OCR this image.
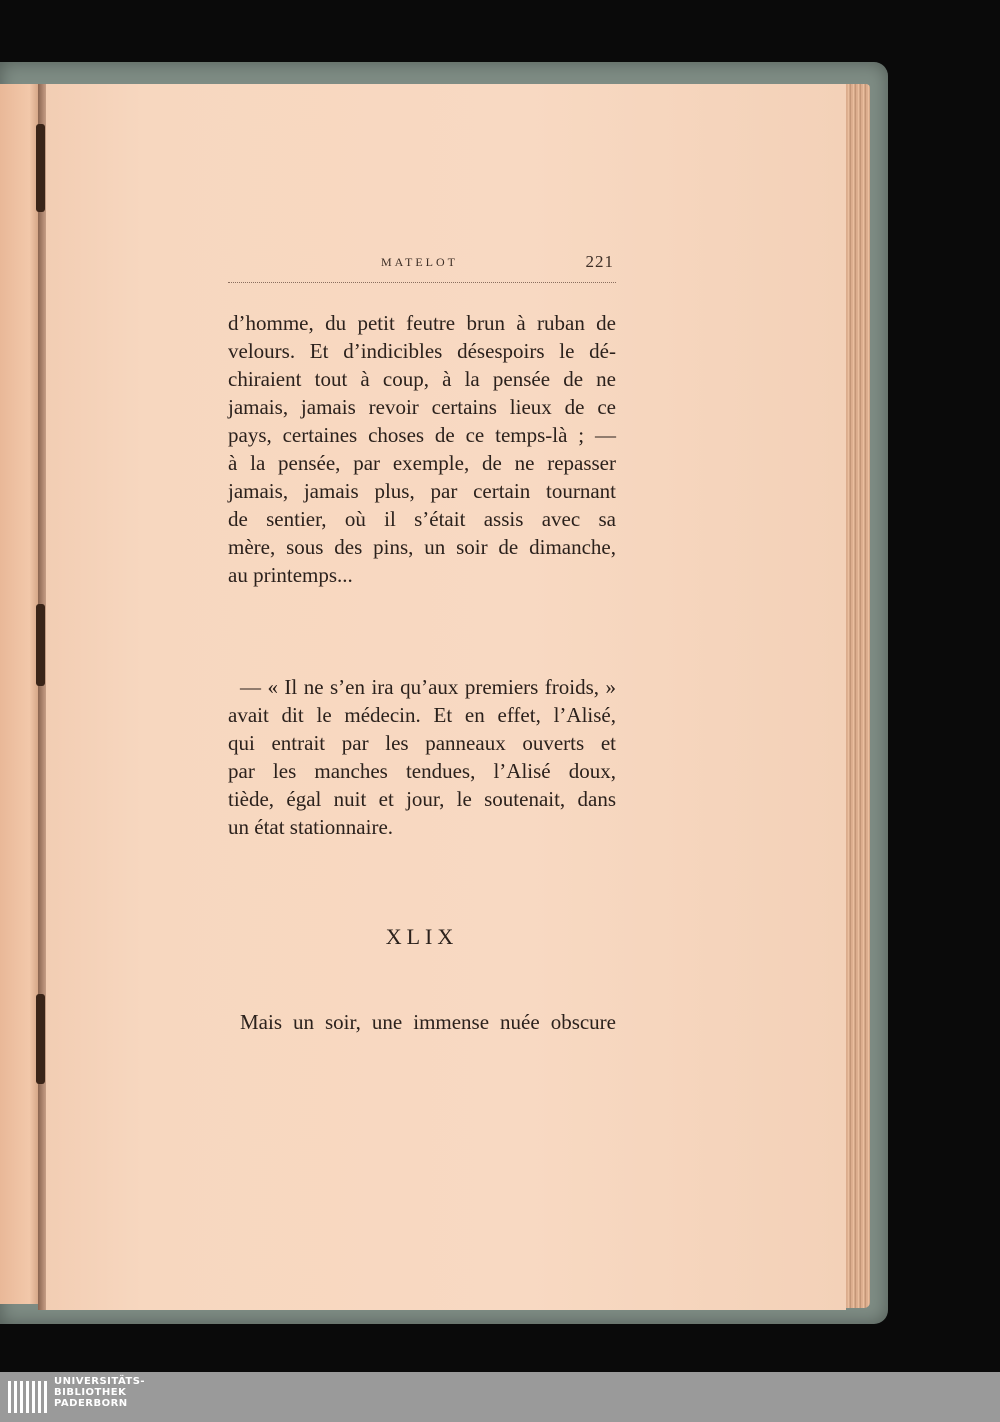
MATELOT	221
d’homme, du petit feutre brun à ruban de
velours. Et d’indicibles désespoirs le dé-
chiraient tout à coup, à la pensée de ne
jamais, jamais revoir certains lieux de ce
pays, certaines choses de ce temps-là ; —
à la pensée, par exemple, de ne repasser
jamais, jamais plus, par certain tournant
de sentier, où il s’était assis avec sa
mère, sous des pins, un soir de dimanche,
au printemps...
— « Il ne s’en ira qu’aux premiers froids, »
avait dit le médecin. Et en effet, l’Alisé,
qui entrait par les panneaux ouverts et
par les manches tendues, l’Alisé doux,
tiède, égal nuit et jour, le soutenait, dans
un état stationnaire.
XLIX
Mais un soir, une immense nuée obscure
UNIVERSITÄTS-
BIBLIOTHEK
PADERBORN
